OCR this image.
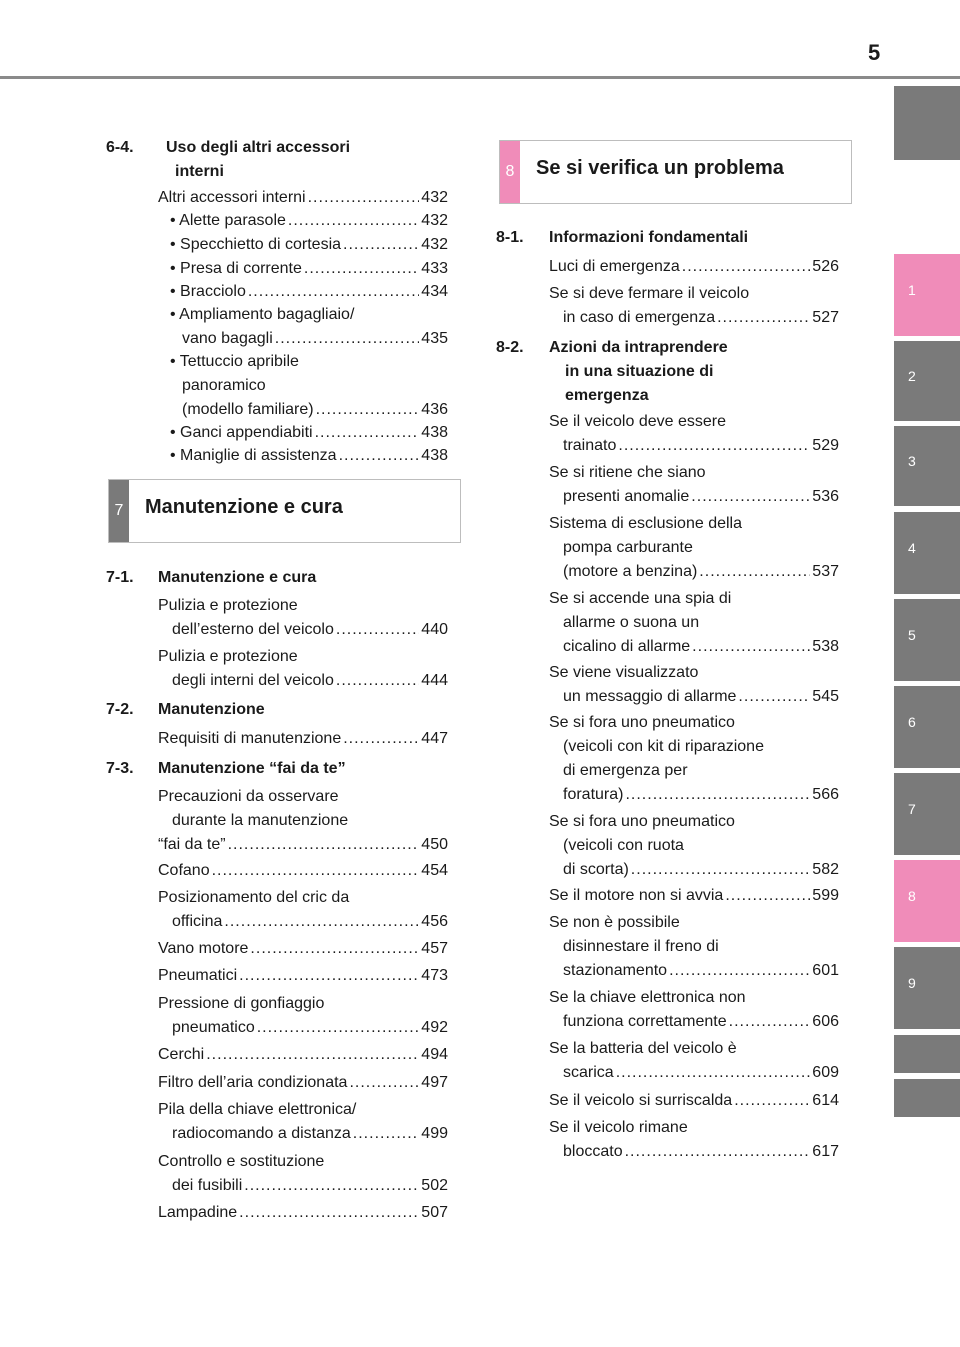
5
1
2
3
4
5
6
7
8
9
6-4. Uso degli altri accessori
interni
Altri accessori interni .....	432
• Alette parasole .....	432
• Specchietto di cortesia .....	432
• Presa di corrente .....	433
• Bracciolo .....	434
• Ampliamento bagagliaio/
vano bagagli .....	435
• Tettuccio apribile
panoramico
(modello familiare) .....	436
• Ganci appendiabiti .....	438
• Maniglie di assistenza .....	438
7 Manutenzione e cura
7-1. Manutenzione e cura
Pulizia e protezione
dell’esterno del veicolo .....	440
Pulizia e protezione
degli interni del veicolo .....	444
7-2. Manutenzione
Requisiti di manutenzione .....	447
7-3. Manutenzione “fai da te”
Precauzioni da osservare
durante la manutenzione
“fai da te” .....	450
Cofano .....	454
Posizionamento del cric da
officina .....	456
Vano motore .....	457
Pneumatici .....	473
Pressione di gonfiaggio
pneumatico .....	492
Cerchi .....	494
Filtro dell’aria condizionata .....	497
Pila della chiave elettronica/
radiocomando a distanza .....	499
Controllo e sostituzione
dei fusibili .....	502
Lampadine .....	507
8 Se si verifica un problema
8-1. Informazioni fondamentali
Luci di emergenza .....	526
Se si deve fermare il veicolo
in caso di emergenza .....	527
8-2. Azioni da intraprendere
in una situazione di
emergenza
Se il veicolo deve essere
trainato .....	529
Se si ritiene che siano
presenti anomalie .....	536
Sistema di esclusione della
pompa carburante
(motore a benzina) .....	537
Se si accende una spia di
allarme o suona un
cicalino di allarme .....	538
Se viene visualizzato
un messaggio di allarme .....	545
Se si fora uno pneumatico
(veicoli con kit di riparazione
di emergenza per
foratura) .....	566
Se si fora uno pneumatico
(veicoli con ruota
di scorta) .....	582
Se il motore non si avvia .....	599
Se non è possibile
disinnestare il freno di
stazionamento .....	601
Se la chiave elettronica non
funziona correttamente .....	606
Se la batteria del veicolo è
scarica .....	609
Se il veicolo si surriscalda .....	614
Se il veicolo rimane
bloccato .....	617
